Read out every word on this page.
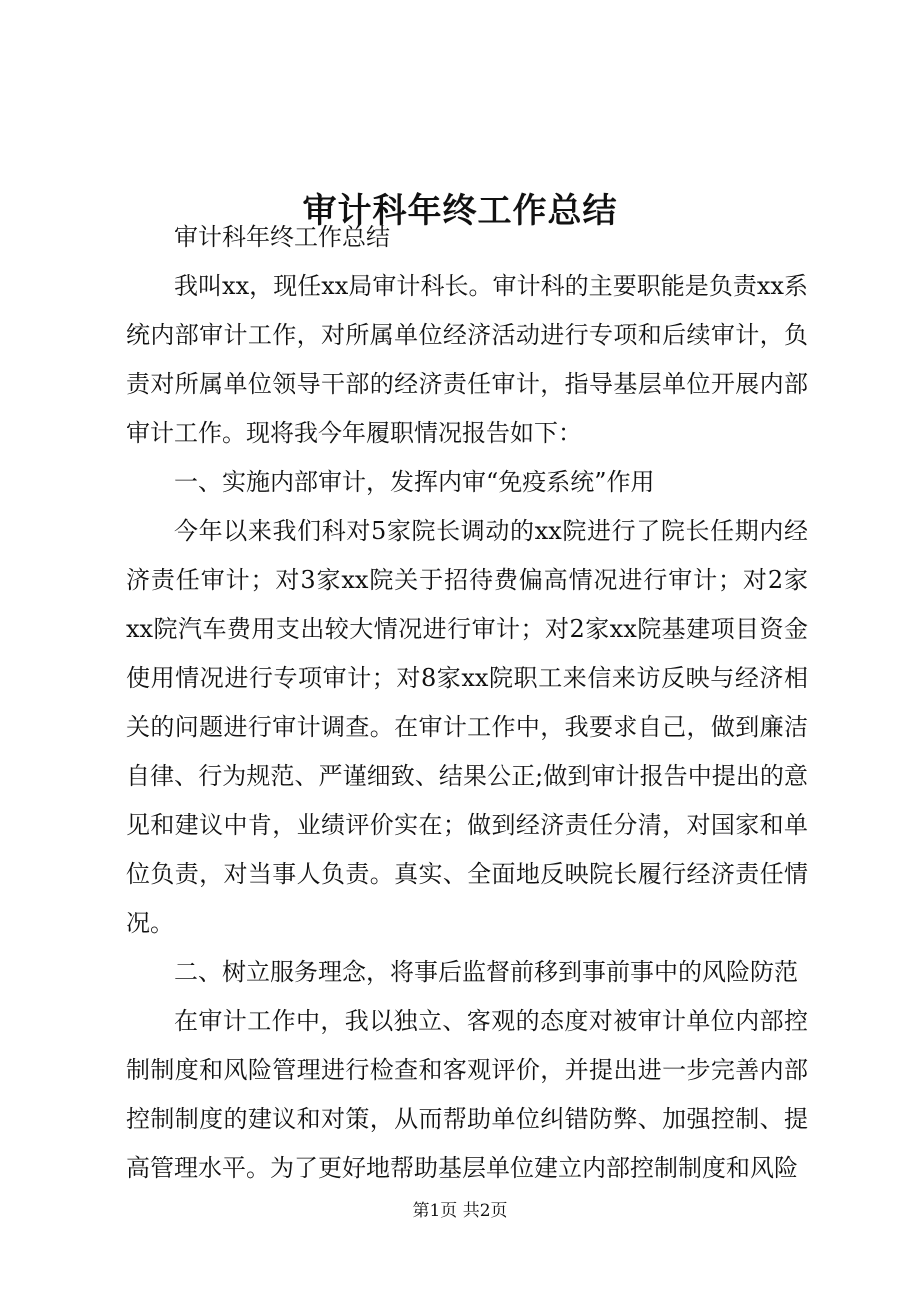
审计科年终工作总结

审计科年终工作总结

我叫xx，现任xx局审计科长。审计科的主要职能是负责xx系统内部审计工作，对所属单位经济活动进行专项和后续审计，负责对所属单位领导干部的经济责任审计，指导基层单位开展内部审计工作。现将我今年履职情况报告如下：

一、实施内部审计，发挥内审“免疫系统”作用

今年以来我们科对5家院长调动的xx院进行了院长任期内经济责任审计；对3家xx院关于招待费偏高情况进行审计；对2家xx院汽车费用支出较大情况进行审计；对2家xx院基建项目资金使用情况进行专项审计；对8家xx院职工来信来访反映与经济相关的问题进行审计调查。在审计工作中，我要求自己，做到廉洁自律、行为规范、严谨细致、结果公正;做到审计报告中提出的意见和建议中肯，业绩评价实在；做到经济责任分清，对国家和单位负责，对当事人负责。真实、全面地反映院长履行经济责任情况。

二、树立服务理念，将事后监督前移到事前事中的风险防范

在审计工作中，我以独立、客观的态度对被审计单位内部控制制度和风险管理进行检查和客观评价，并提出进一步完善内部控制制度的建议和对策，从而帮助单位纠错防弊、加强控制、提高管理水平。为了更好地帮助基层单位建立内部控制制度和风险

第1页 共2页
